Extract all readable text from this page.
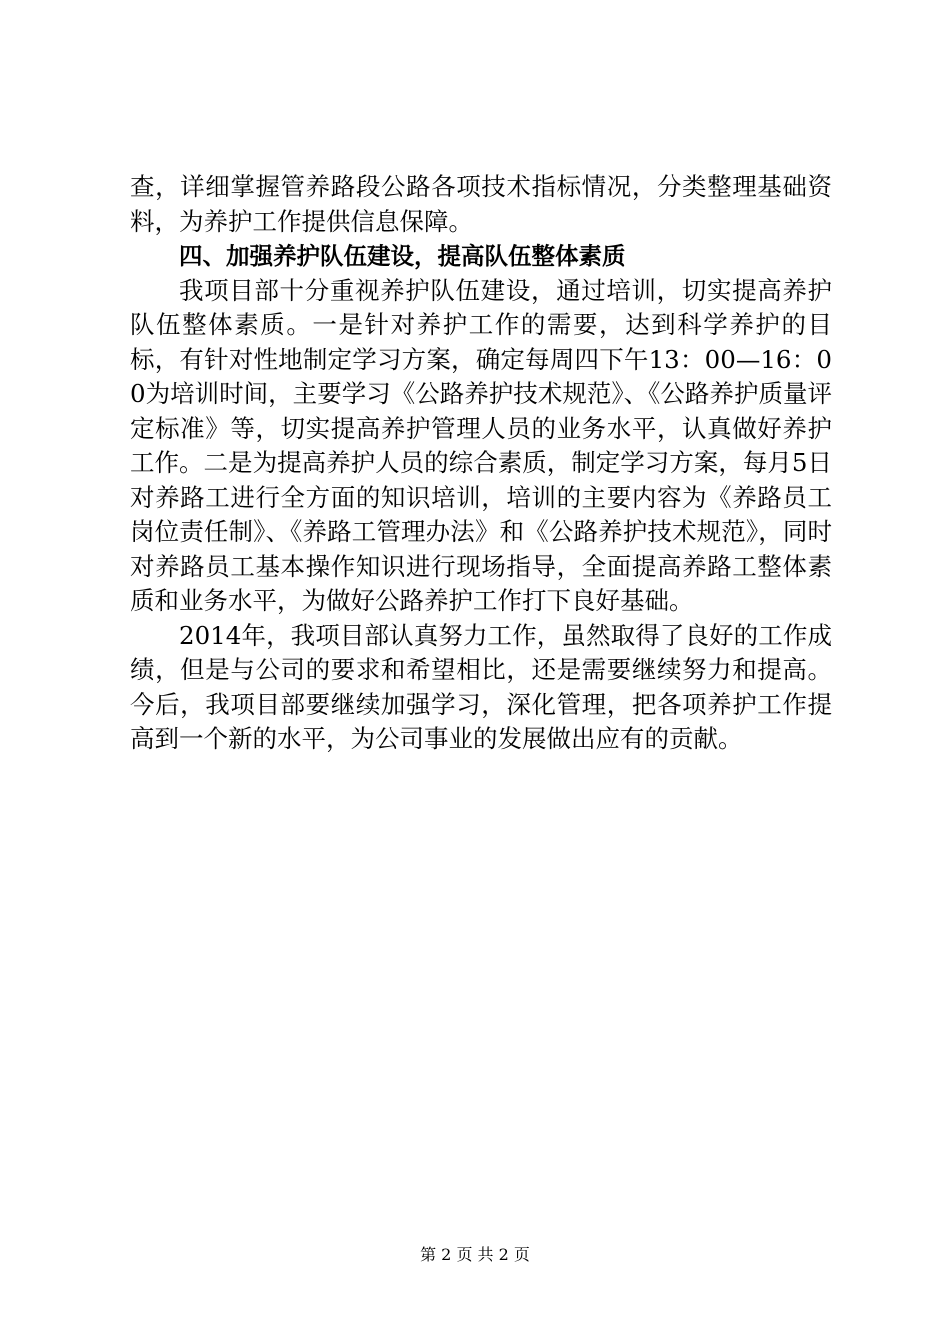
查，详细掌握管养路段公路各项技术指标情况，分类整理基础资料，为养护工作提供信息保障。

四、加强养护队伍建设，提高队伍整体素质

我项目部十分重视养护队伍建设，通过培训，切实提高养护队伍整体素质。一是针对养护工作的需要，达到科学养护的目标，有针对性地制定学习方案，确定每周四下午13：00—16：00为培训时间，主要学习《公路养护技术规范》、《公路养护质量评定标准》等，切实提高养护管理人员的业务水平，认真做好养护工作。二是为提高养护人员的综合素质，制定学习方案，每月5日对养路工进行全方面的知识培训，培训的主要内容为《养路员工岗位责任制》、《养路工管理办法》和《公路养护技术规范》，同时对养路员工基本操作知识进行现场指导，全面提高养路工整体素质和业务水平，为做好公路养护工作打下良好基础。

2014年，我项目部认真努力工作，虽然取得了良好的工作成绩，但是与公司的要求和希望相比，还是需要继续努力和提高。今后，我项目部要继续加强学习，深化管理，把各项养护工作提高到一个新的水平，为公司事业的发展做出应有的贡献。

第 2 页 共 2 页
